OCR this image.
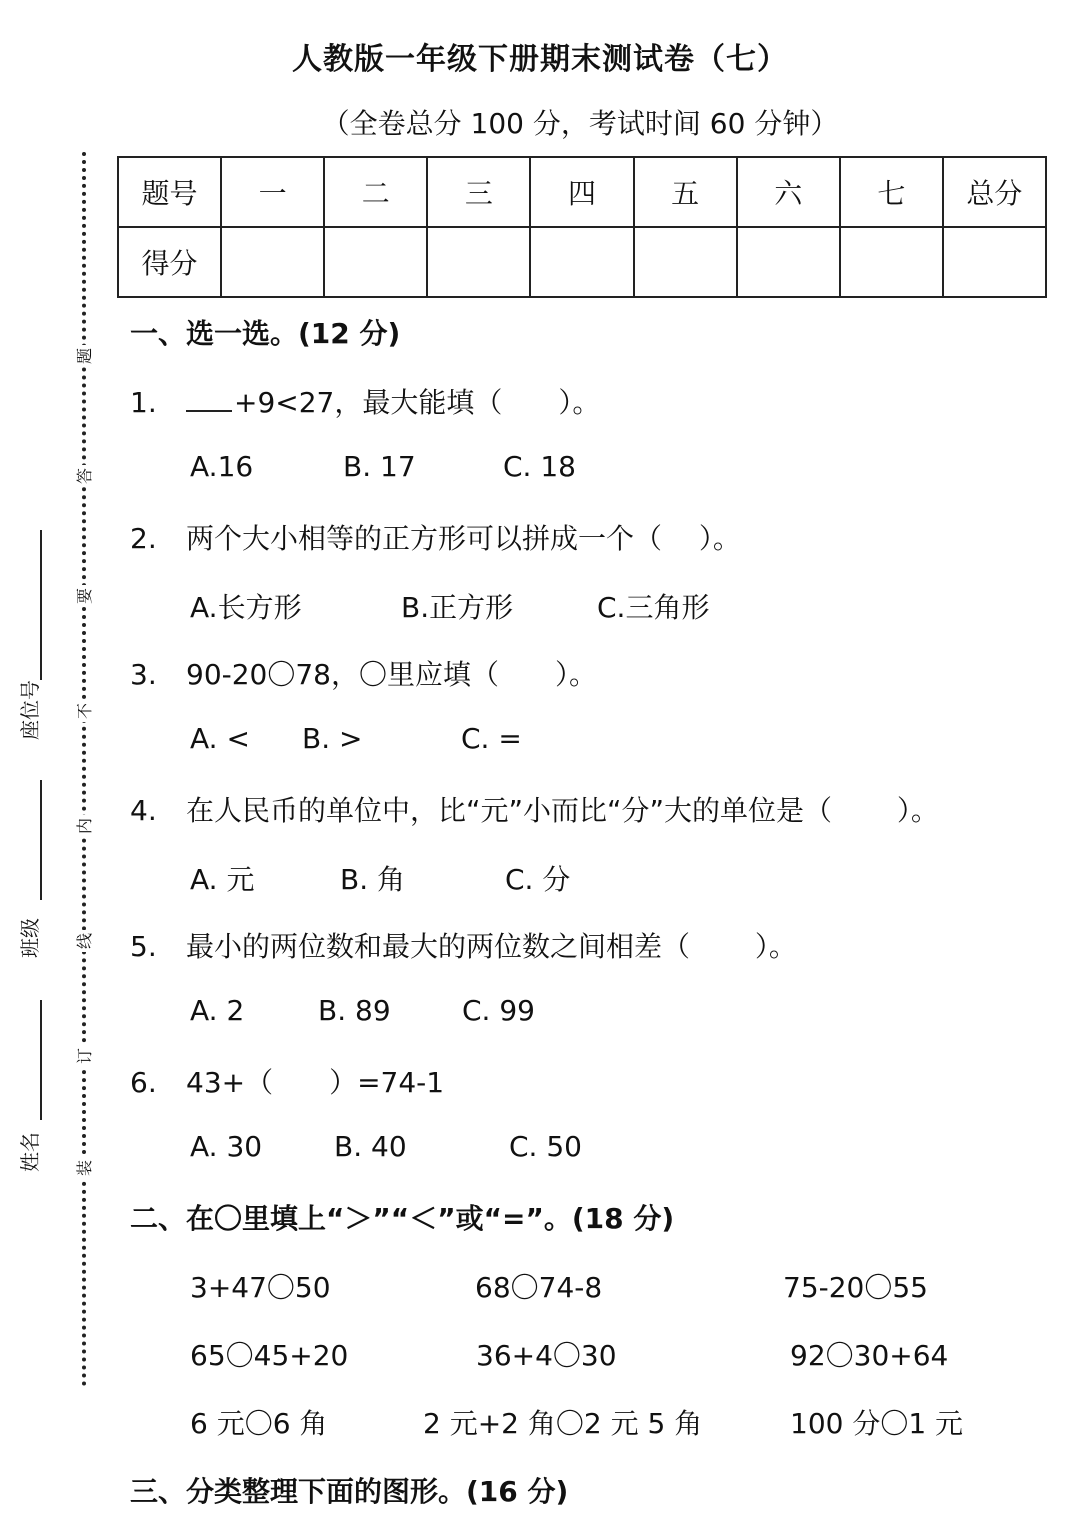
人教版一年级下册期末测试卷（七）
（全卷总分 100 分，考试时间 60 分钟）
题
答
要
不
内
线
订
装
座位号
班级
姓名
题号	一	二	三	四	五	六	七	总分
得分								
一、选一选。(12 分)
1.	+9<27，最大能填（　　）。
A.16	B. 17	C. 18
2. 两个大小相等的正方形可以拼成一个（　 ）。
A.长方形	B.正方形	C.三角形
3. 90-20〇78，〇里应填（　　）。
A. < B. >	C. =
4. 在人民币的单位中，比“元”小而比“分”大的单位是（　　 ）。
A. 元	B. 角	C. 分
5. 最小的两位数和最大的两位数之间相差（　　 ）。
A. 2	B. 89	C. 99
6. 43+（　　）=74-1
A. 30	B. 40	C. 50
二、在〇里填上“＞”“＜”或“=”。(18 分)
3+47〇50	68〇74-8	75-20〇55
65〇45+20	36+4〇30	92〇30+64
6 元〇6 角	2 元+2 角〇2 元 5 角	100 分〇1 元
三、分类整理下面的图形。(16 分)
